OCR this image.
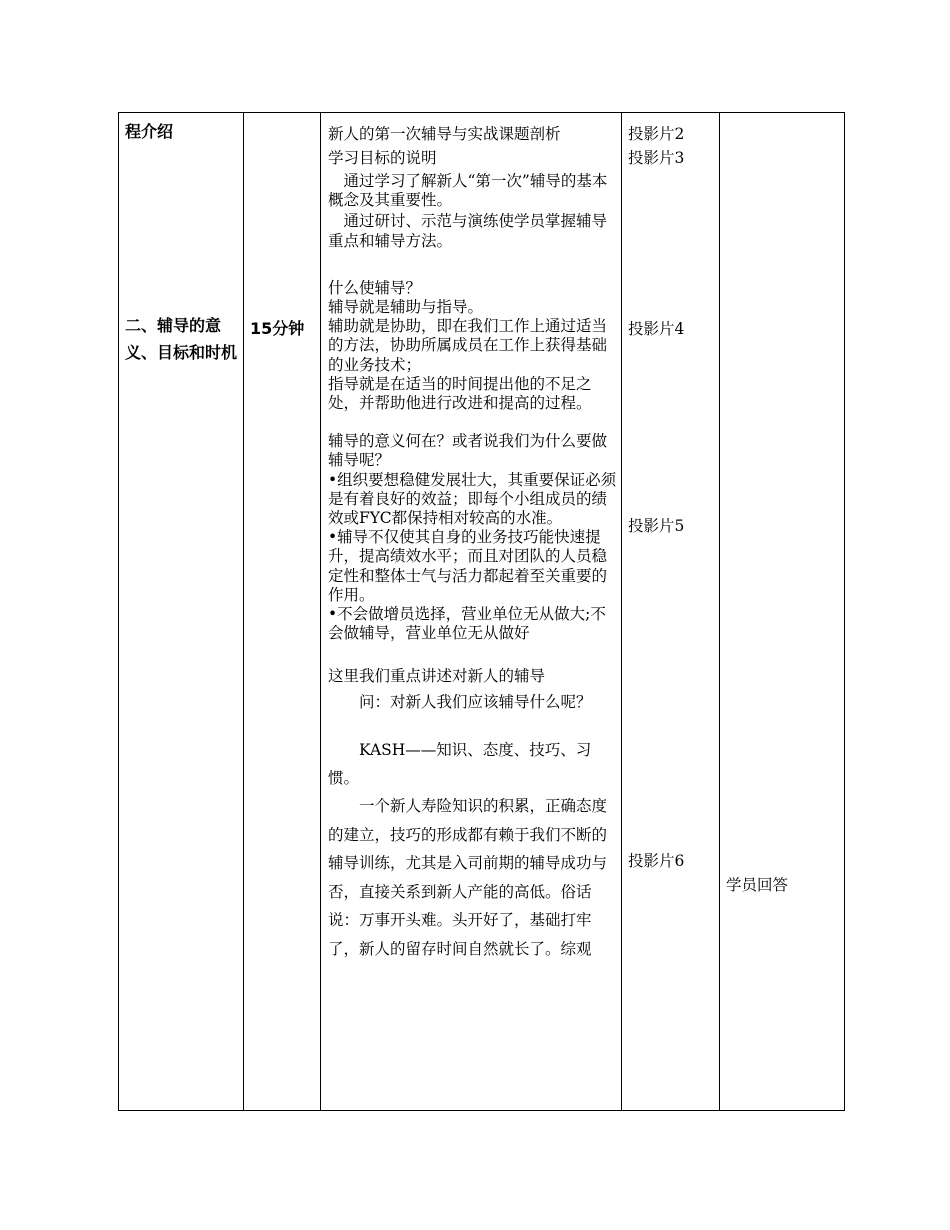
程介绍
二、辅导的意义、目标和时机
15分钟

新人的第一次辅导与实战课题剖析

学习目标的说明

　通过学习了解新人“第一次”辅导的基本概念及其重要性。

　通过研讨、示范与演练使学员掌握辅导重点和辅导方法。

什么使辅导？

辅导就是辅助与指导。

辅助就是协助，即在我们工作上通过适当的方法，协助所属成员在工作上获得基础的业务技术；

指导就是在适当的时间提出他的不足之处，并帮助他进行改进和提高的过程。

辅导的意义何在？或者说我们为什么要做辅导呢？

•组织要想稳健发展壮大，其重要保证必须是有着良好的效益；即每个小组成员的绩效或FYC都保持相对较高的水准。

•辅导不仅使其自身的业务技巧能快速提升，提高绩效水平；而且对团队的人员稳定性和整体士气与活力都起着至关重要的作用。

•不会做增员选择，营业单位无从做大;不会做辅导，营业单位无从做好

这里我们重点讲述对新人的辅导

　　问：对新人我们应该辅导什么呢？

　　KASH——知识、态度、技巧、习惯。

　　一个新人寿险知识的积累，正确态度的建立，技巧的形成都有赖于我们不断的辅导训练，尤其是入司前期的辅导成功与否，直接关系到新人产能的高低。俗话说：万事开头难。头开好了，基础打牢了，新人的留存时间自然就长了。综观

投影片2
投影片3
投影片4
投影片5
投影片6
学员回答
